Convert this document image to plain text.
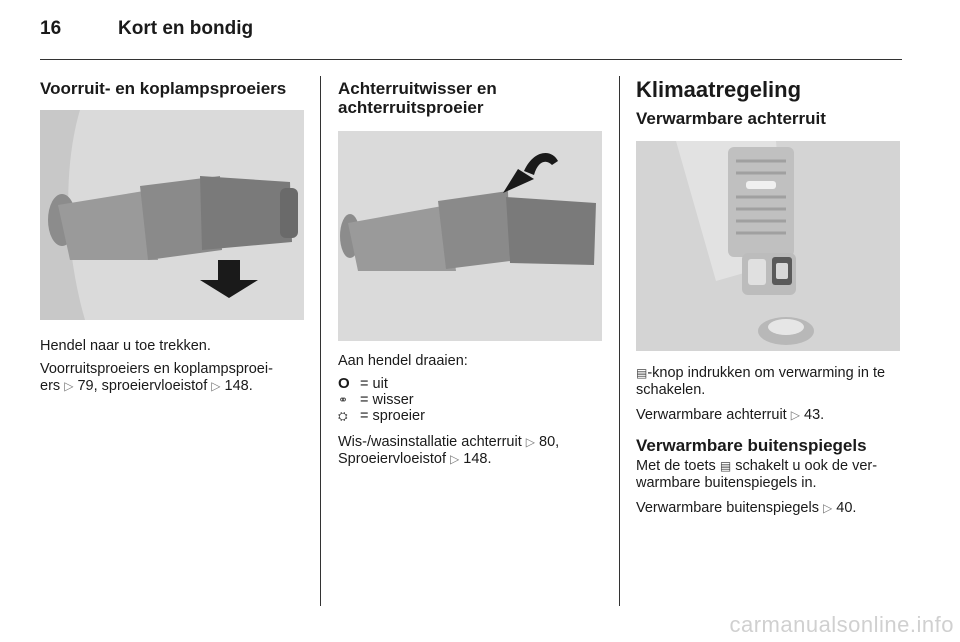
16	Kort en bondig
Voorruit- en koplampsproeiers

Hendel naar u toe trekken.

Voorruitsproeiers en koplampsproei-
ers ▷ 79, sproeiervloeistof ▷ 148.

Achterruitwisser en
achterruitsproeier

Aan hendel draaien:

O = uit
⚭ = wisser
⛭ = sproeier

Wis-/wasinstallatie achterruit ▷ 80,
Sproeiervloeistof ▷ 148.

Klimaatregeling
Verwarmbare achterruit

▤-knop indrukken om verwarming in te schakelen.

Verwarmbare achterruit ▷ 43.

Verwarmbare buitenspiegels

Met de toets ▤ schakelt u ook de ver-
warmbare buitenspiegels in.

Verwarmbare buitenspiegels ▷ 40.

carmanualsonline.info
